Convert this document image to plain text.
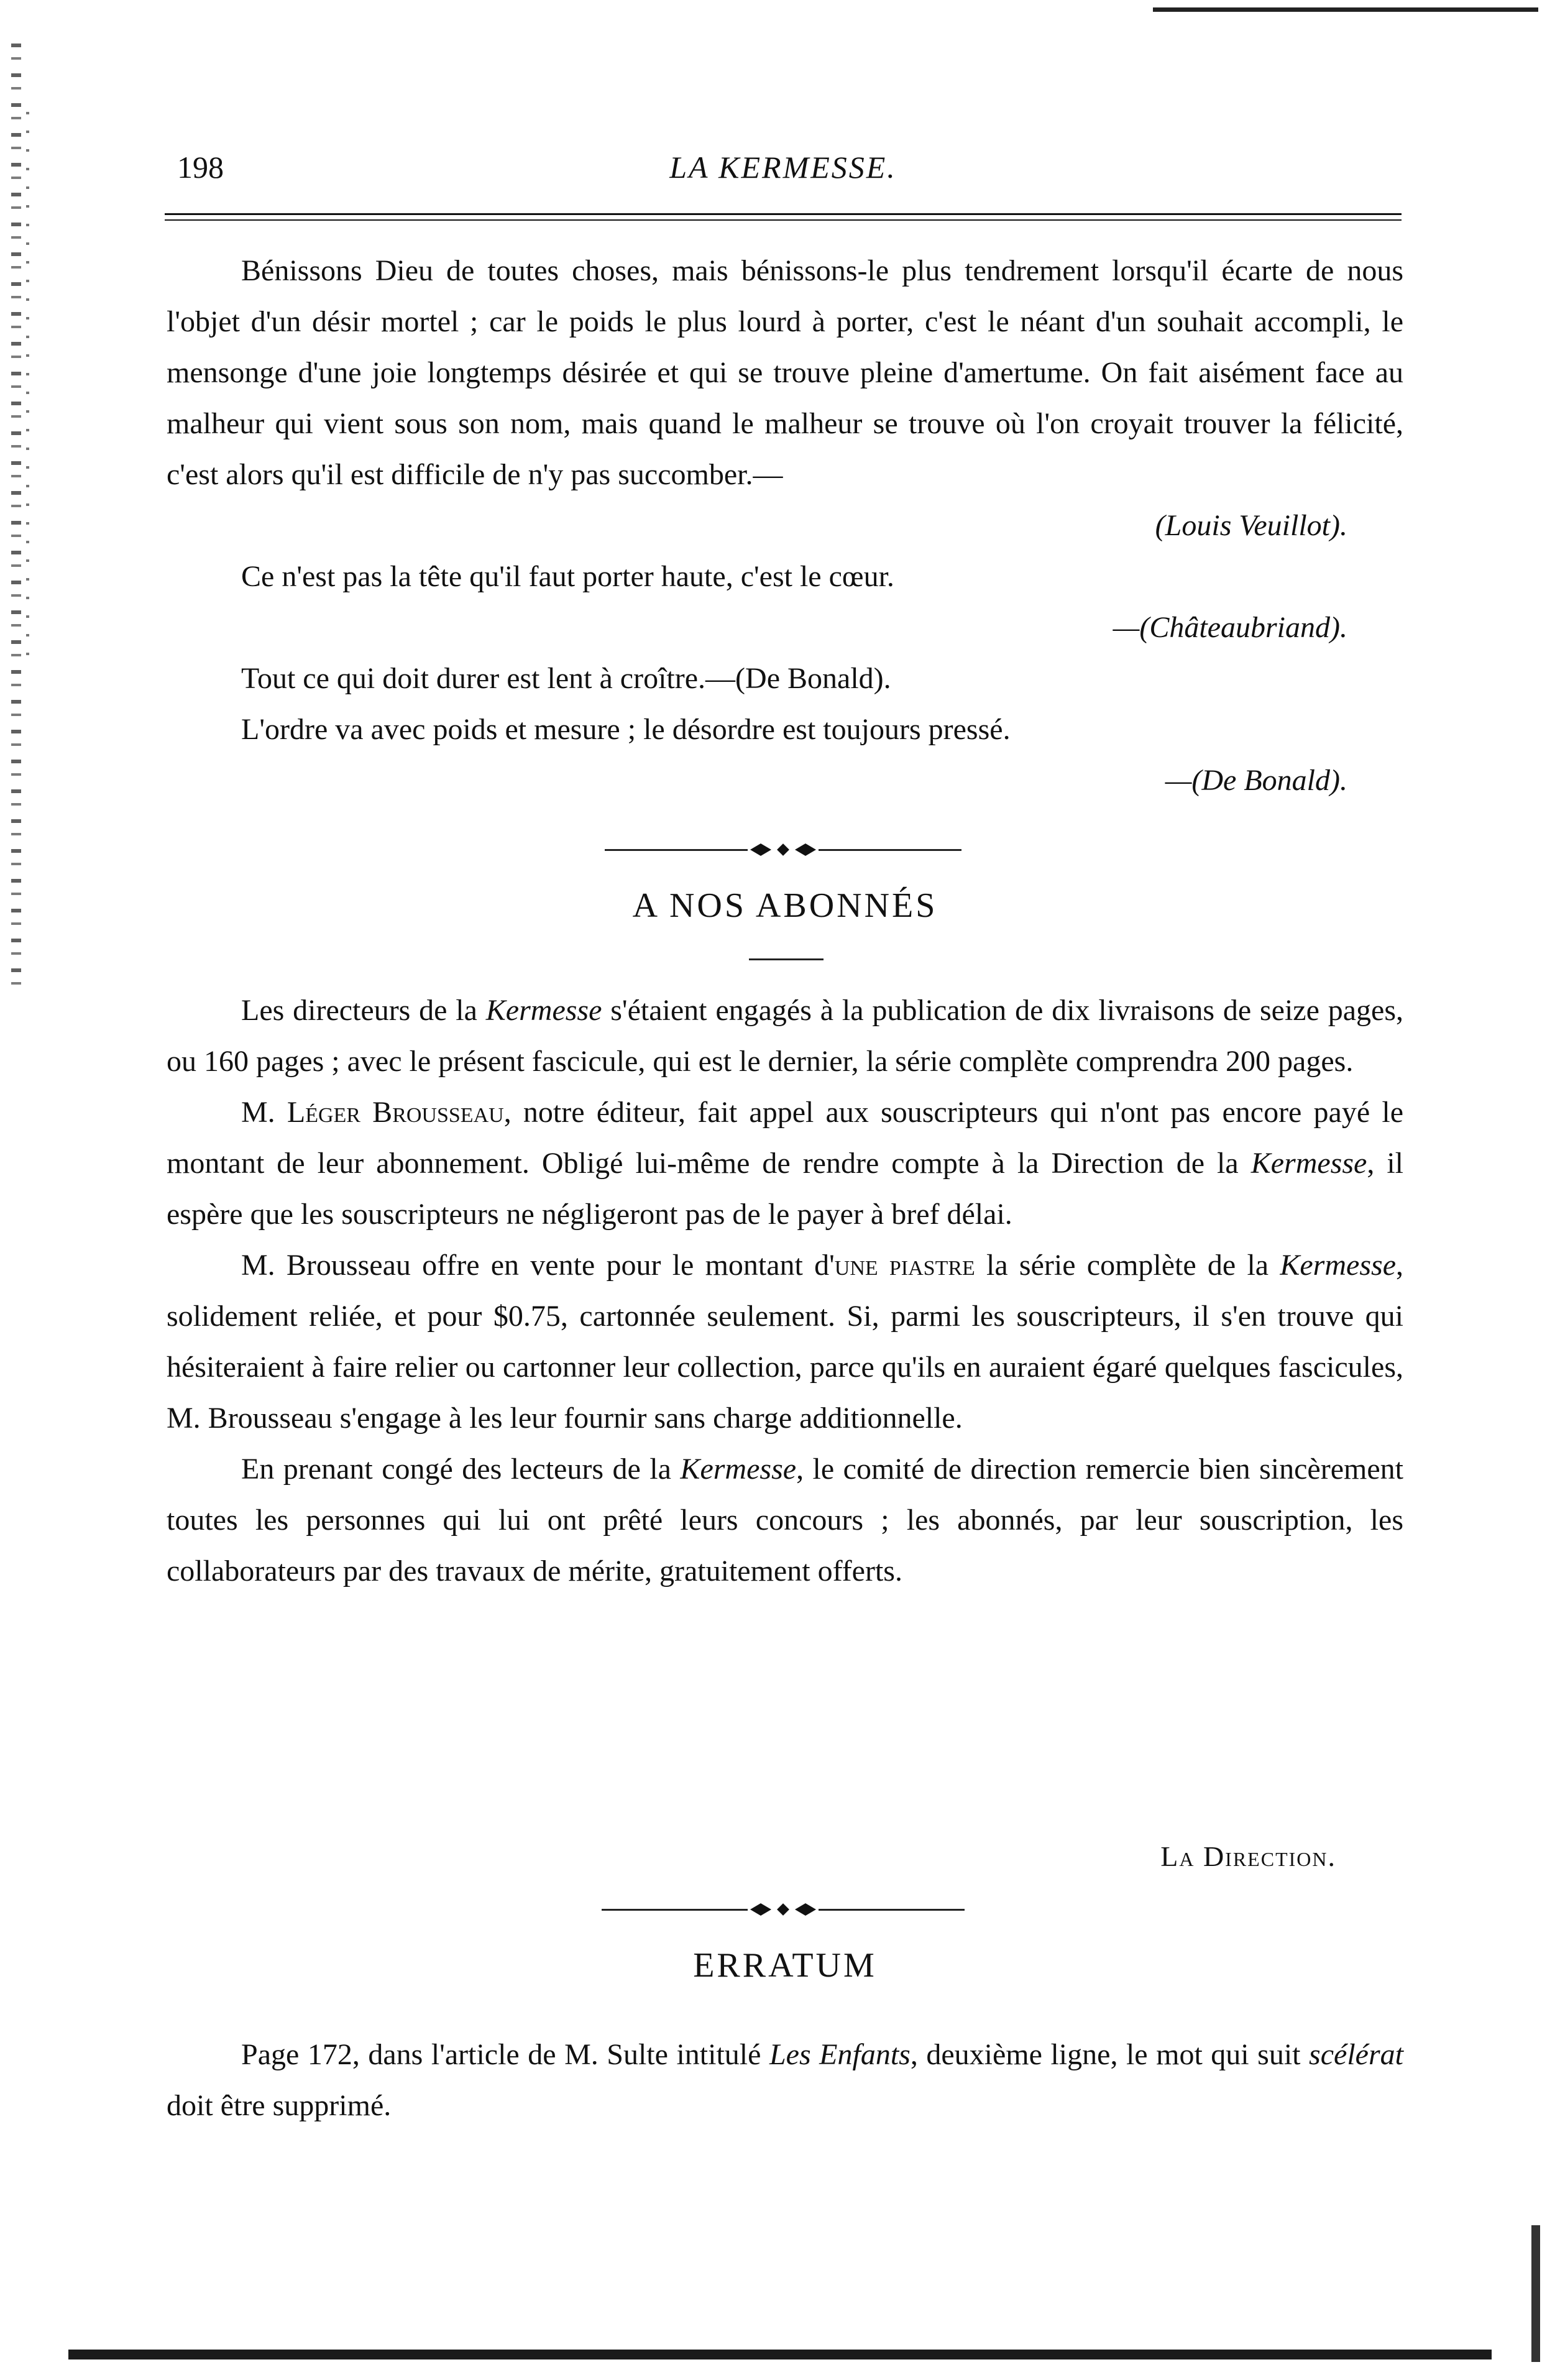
198	LA KERMESSE.

Bénissons Dieu de toutes choses, mais bénissons-le plus tendrement lorsqu'il écarte de nous l'objet d'un désir mortel ; car le poids le plus lourd à porter, c'est le néant d'un souhait accompli, le mensonge d'une joie longtemps désirée et qui se trouve pleine d'amertume. On fait aisément face au malheur qui vient sous son nom, mais quand le malheur se trouve où l'on croyait trouver la félicité, c'est alors qu'il est difficile de n'y pas succomber.—

(Louis Veuillot).

Ce n'est pas la tête qu'il faut porter haute, c'est le cœur.

—(Châteaubriand).

Tout ce qui doit durer est lent à croître.—(De Bonald).

L'ordre va avec poids et mesure ; le désordre est toujours pressé.

—(De Bonald).

A NOS ABONNÉS

Les directeurs de la Kermesse s'étaient engagés à la publication de dix livraisons de seize pages, ou 160 pages ; avec le présent fascicule, qui est le dernier, la série complète comprendra 200 pages.

M. Léger Brousseau, notre éditeur, fait appel aux souscripteurs qui n'ont pas encore payé le montant de leur abonnement. Obligé lui-même de rendre compte à la Direction de la Kermesse, il espère que les souscripteurs ne négligeront pas de le payer à bref délai.

M. Brousseau offre en vente pour le montant d'une piastre la série complète de la Kermesse, solidement reliée, et pour $0.75, cartonnée seulement. Si, parmi les souscripteurs, il s'en trouve qui hésiteraient à faire relier ou cartonner leur collection, parce qu'ils en auraient égaré quelques fascicules, M. Brousseau s'engage à les leur fournir sans charge additionnelle.

En prenant congé des lecteurs de la Kermesse, le comité de direction remercie bien sincèrement toutes les personnes qui lui ont prêté leurs concours ; les abonnés, par leur souscription, les collaborateurs par des travaux de mérite, gratuitement offerts.

La Direction.
ERRATUM

Page 172, dans l'article de M. Sulte intitulé Les Enfants, deuxième ligne, le mot qui suit scélérat doit être supprimé.
